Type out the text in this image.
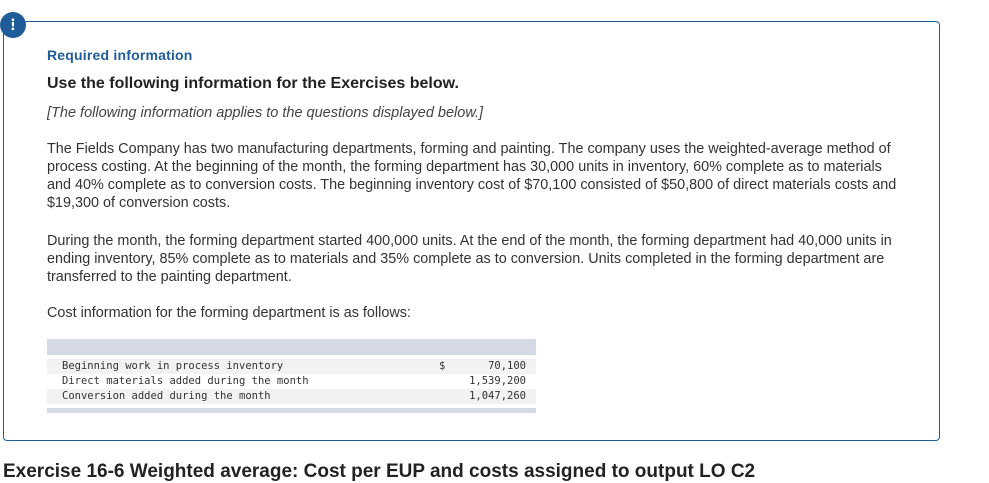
!
Required information
Use the following information for the Exercises below.
[The following information applies to the questions displayed below.]
The Fields Company has two manufacturing departments, forming and painting. The company uses the weighted-average method of process costing. At the beginning of the month, the forming department has 30,000 units in inventory, 60% complete as to materials and 40% complete as to conversion costs. The beginning inventory cost of $70,100 consisted of $50,800 of direct materials costs and $19,300 of conversion costs.
During the month, the forming department started 400,000 units. At the end of the month, the forming department had 40,000 units in ending inventory, 85% complete as to materials and 35% complete as to conversion. Units completed in the forming department are transferred to the painting department.
Cost information for the forming department is as follows:
Beginning work in process inventory	$	70,100
Direct materials added during the month	1,539,200
Conversion added during the month	1,047,260
Exercise 16-6 Weighted average: Cost per EUP and costs assigned to output LO C2
